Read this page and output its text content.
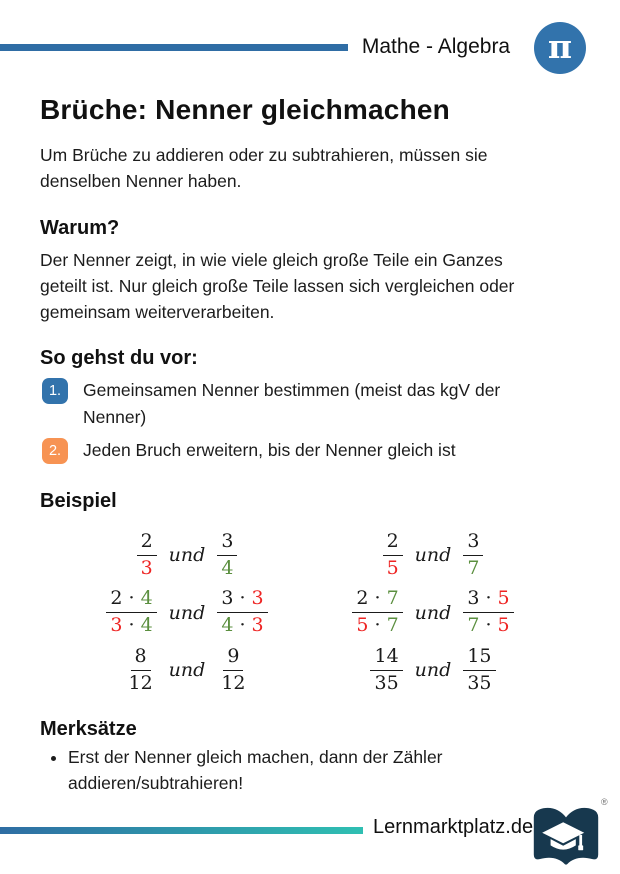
Mathe - Algebra π
Brüche: Nenner gleichmachen

Um Brüche zu addieren oder zu subtrahieren, müssen sie denselben Nenner haben.

Warum?

Der Nenner zeigt, in wie viele gleich große Teile ein Ganzes geteilt ist. Nur gleich große Teile lassen sich vergleichen oder gemeinsam weiterverarbeiten.

So gehst du vor:
1.	Gemeinsamen Nenner bestimmen (meist das kgV der Nenner)
2.	Jeden Bruch erweitern, bis der Nenner gleich ist
Beispiel
$\frac{2}{3}$ und $\frac{3}{4}$
$\frac{2 \cdot 4}{3 \cdot 4}$ und $\frac{3 \cdot 3}{4 \cdot 3}$
$\frac{8}{12}$ und $\frac{9}{12}$
$\frac{2}{5}$ und $\frac{3}{7}$
$\frac{2 \cdot 7}{5 \cdot 7}$ und $\frac{3 \cdot 5}{7 \cdot 5}$
$\frac{14}{35}$ und $\frac{15}{35}$
Merksätze
• Erst der Nenner gleich machen, dann der Zähler addieren/subtrahieren!
Lernmarktplatz.de
®
